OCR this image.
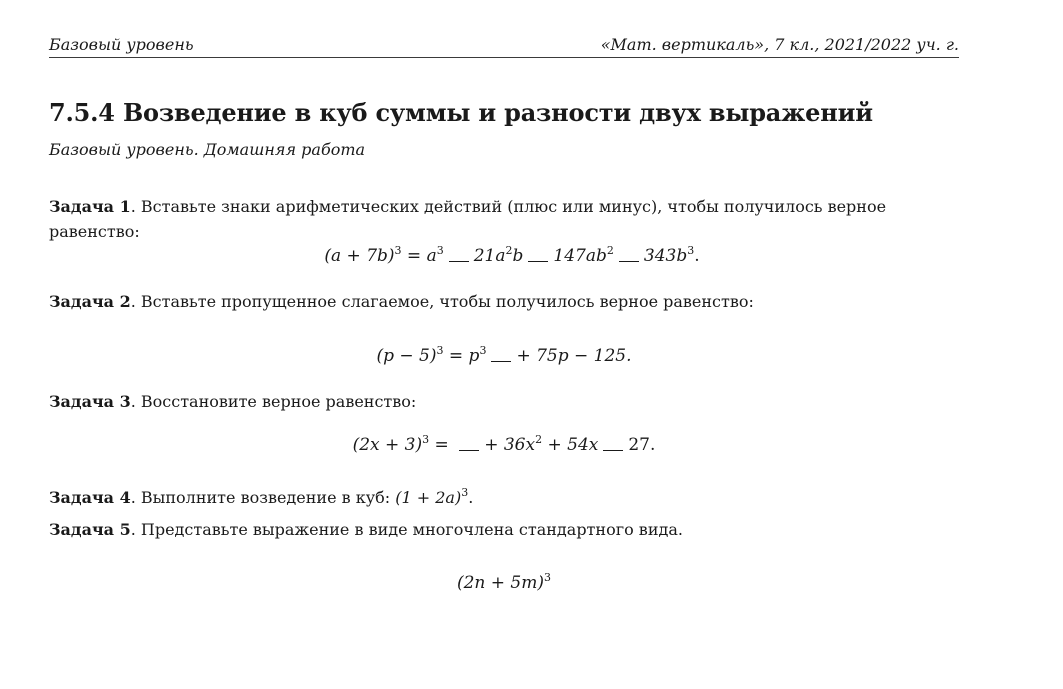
Базовый уровень	«Мат. вертикаль», 7 кл., 2021/2022 уч. г.
7.5.4 Возведение в куб суммы и разности двух выражений
Базовый уровень. Домашняя работа
Задача 1. Вставьте знаки арифметических действий (плюс или минус), чтобы получилось верное
равенство:
$(a + 7b)^3 = a^3$ $21a^2b$ $147ab^2$ $343b^3$.
Задача 2. Вставьте пропущенное слагаемое, чтобы получилось верное равенство:
$(p - 5)^3 = p^3 + 75p - 125$.
Задача 3. Восстановите верное равенство:
$(2x + 3)^3$ = + $36x^2 + 54x$ 27.
Задача 4. Выполните возведение в куб: $(1 + 2a)^3$.
Задача 5. Представьте выражение в виде многочлена стандартного вида.
$(2n + 5m)^3$
